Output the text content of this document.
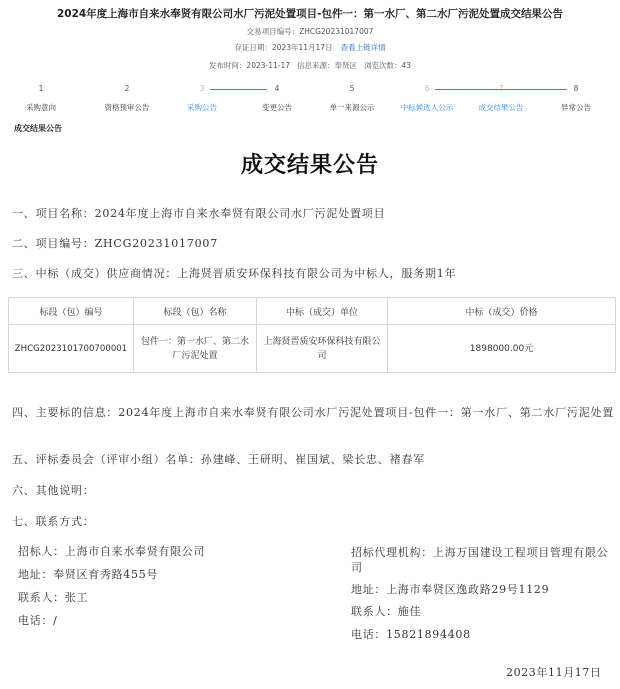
2024年度上海市自来水奉贤有限公司水厂污泥处置项目-包件一：第一水厂、第二水厂污泥处置成交结果公告
交易项目编号：ZHCG20231017007
存证日期：2023年11月17日 查看上链详情
发布时间：2023-11-17 信息来源：奉贤区 浏览次数：43
1
采购意向
2
资格预审公告
3
采购公告
4
变更公告
5
单一来源公示
6
中标候选人公示
7
成交结果公告
8
异常公告
成交结果公告
成交结果公告
一、项目名称：2024年度上海市自来水奉贤有限公司水厂污泥处置项目
二、项目编号：ZHCG20231017007
三、中标（成交）供应商情况：上海贤晋质安环保科技有限公司为中标人，服务期1年
标段（包）编号	标段（包）名称	中标（成交）单位	中标（成交）价格
ZHCG2023101700700001	包件一：第一水厂、第二水厂污泥处置	上海贤晋质安环保科技有限公司	1898000.00元
四、主要标的信息：2024年度上海市自来水奉贤有限公司水厂污泥处置项目-包件一：第一水厂、第二水厂污泥处置
五、评标委员会（评审小组）名单：孙建峰、王研明、崔国斌、梁长忠、褚春军
六、其他说明：
七、联系方式：
招标人：上海市自来水奉贤有限公司
地址：奉贤区育秀路455号
联系人：张工
电话：/
招标代理机构：上海万国建设工程项目管理有限公司
地址：上海市奉贤区逸政路29号1129
联系人：施佳
电话：15821894408
2023年11月17日
